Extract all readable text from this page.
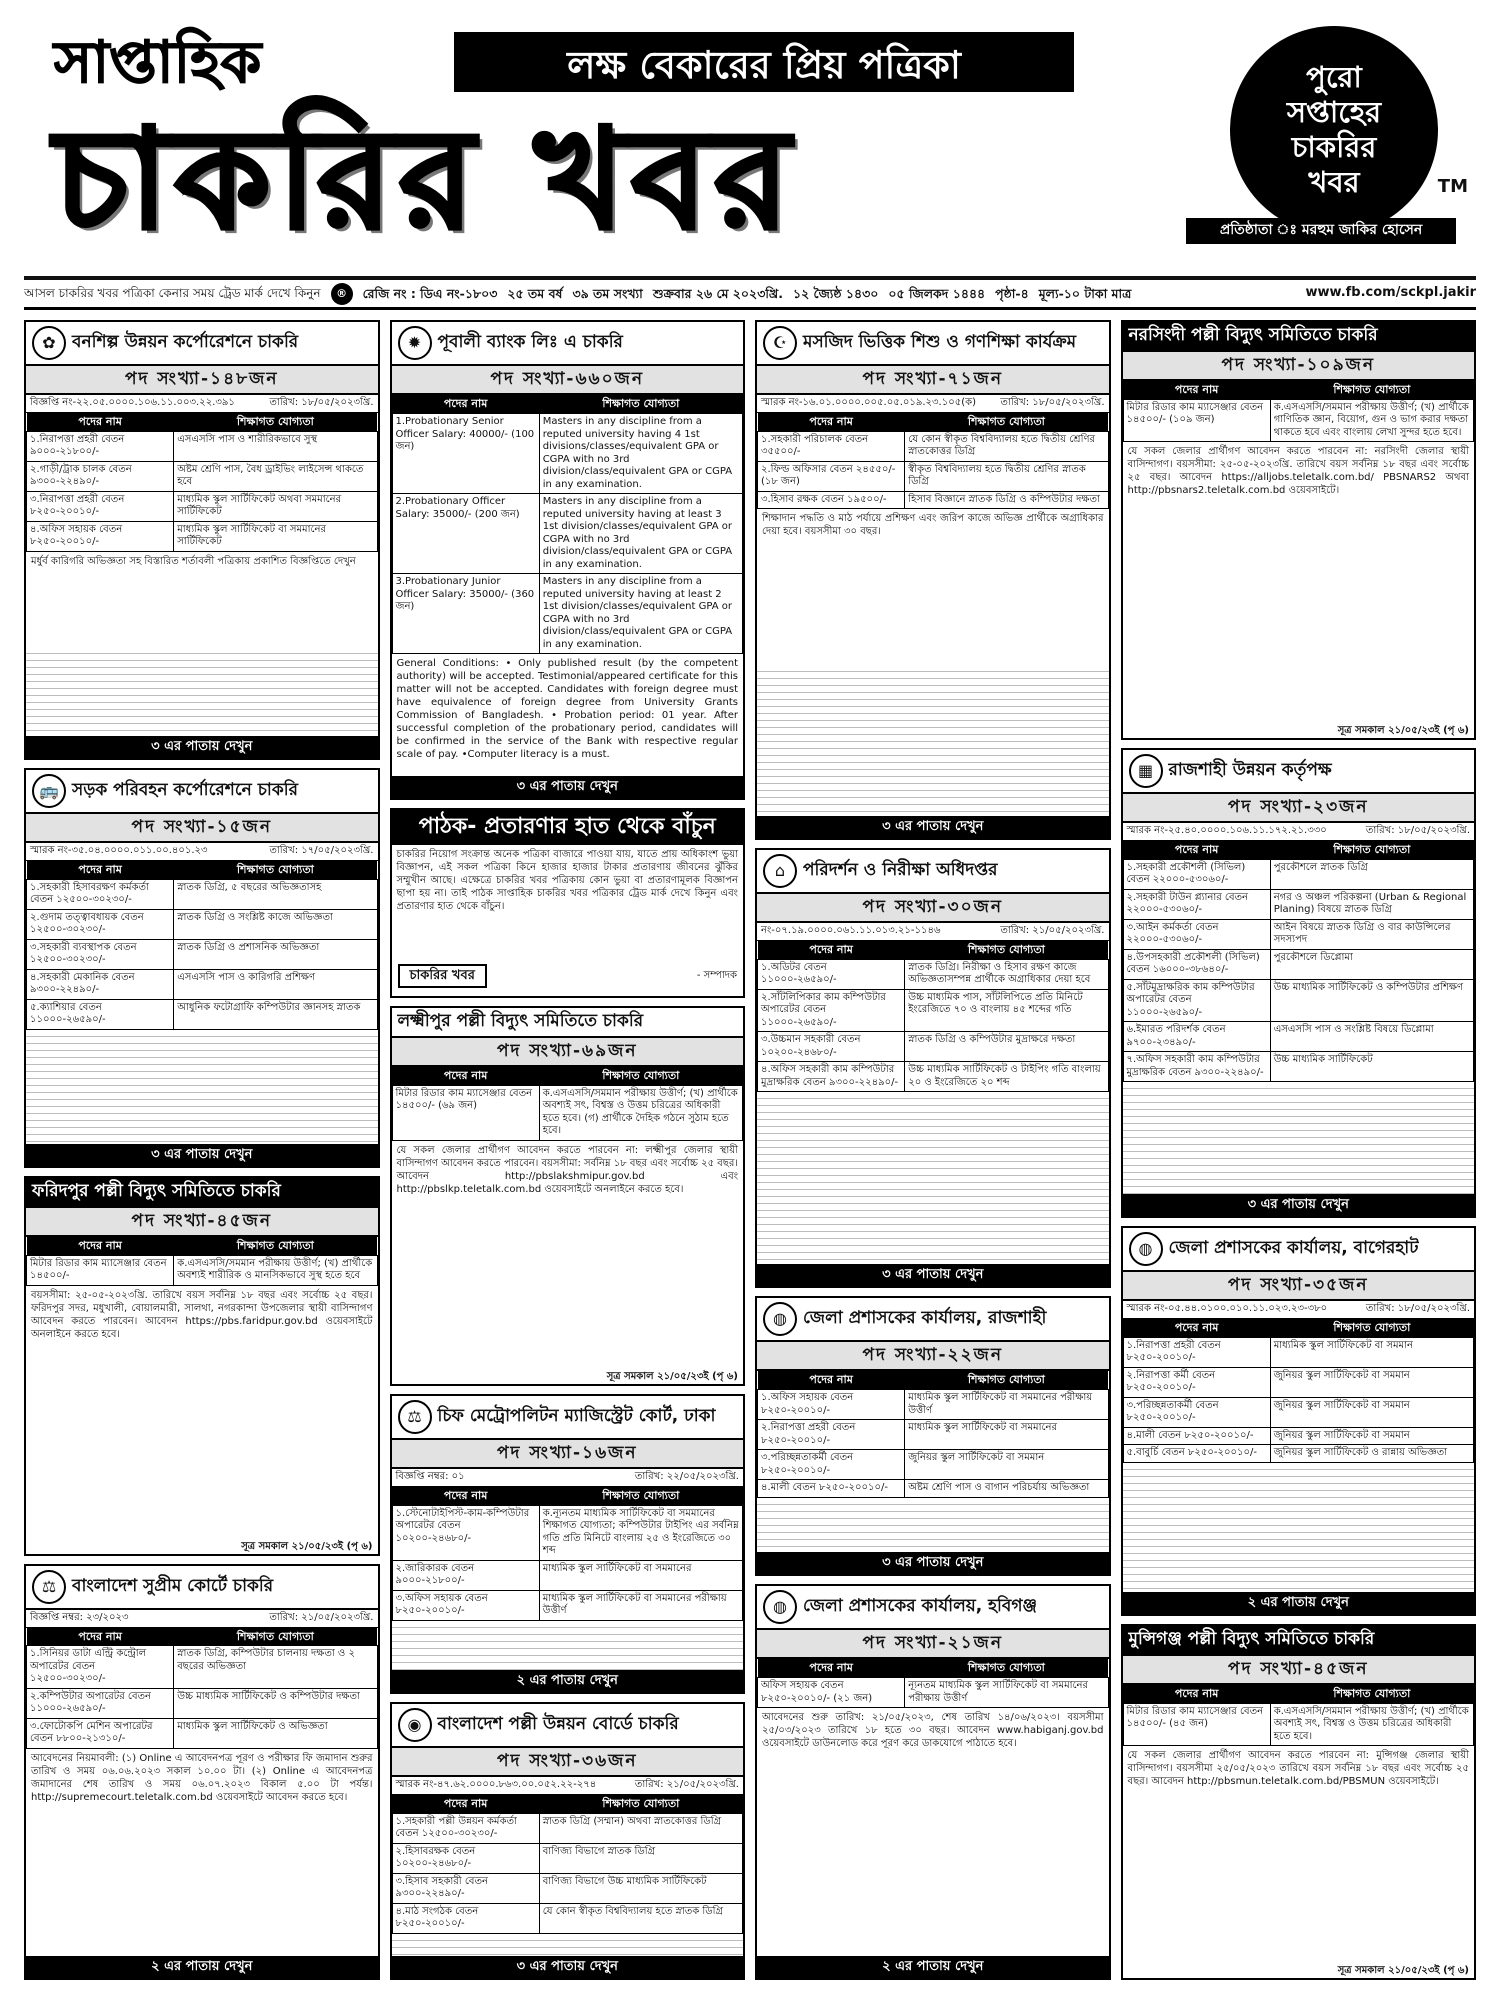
সাপ্তাহিক	লক্ষ বেকারের প্রিয় পত্রিকা
চাকরির খবর
পুরো
সপ্তাহের
চাকরির
খবর	TM
প্রতিষ্ঠাতা ঃ মরহুম জাকির হোসেন
আসল চাকরির খবর পত্রিকা কেনার সময় ট্রেড মার্ক দেখে কিনুন	®	রেজি নং : ডিএ নং-১৮০৩ ২৫ তম বর্ষ ৩৯ তম সংখ্যা শুক্রবার ২৬ মে ২০২৩খ্রি. ১২ জ্যৈষ্ঠ ১৪৩০ ০৫ জিলকদ ১৪৪৪ পৃষ্ঠা-৪ মূল্য-১০ টাকা মাত্র	www.fb.com/sckpl.jakir
✿ বনশিল্প উন্নয়ন কর্পোরেশনে চাকরি
পদ সংখ্যা-১৪৮জন
বিজ্ঞপ্তি নং-২২.০৫.০০০০.১০৬.১১.০০৩.২২.৩৯১	তারিখ: ১৮/০৫/২০২৩খ্রি.
পদের নাম	শিক্ষাগত যোগ্যতা
১.নিরাপত্তা প্রহরী বেতন ৯০০০-২১৮০০/-	এসএসসি পাস ও শারীরিকভাবে সুস্থ
২.গাড়ী/ট্রাক চালক বেতন ৯৩০০-২২৪৯০/-	অষ্টম শ্রেণি পাস, বৈধ ড্রাইভিং লাইসেন্স থাকতে হবে
৩.নিরাপত্তা প্রহরী বেতন ৮২৫০-২০০১০/-	মাধ্যমিক স্কুল সার্টিফিকেট অথবা সমমানের সার্টিফিকেট
৪.অফিস সহায়ক বেতন ৮২৫০-২০০১০/-	মাধ্যমিক স্কুল সার্টিফিকেট বা সমমানের সার্টিফিকেট
মর্ধুর্ব কারিগরি অভিজ্ঞতা সহ বিস্তারিত শর্তাবলী পত্রিকায় প্রকাশিত বিজ্ঞপ্তিতে দেখুন
৩ এর পাতায় দেখুন
🚌 সড়ক পরিবহন কর্পোরেশনে চাকরি
পদ সংখ্যা-১৫জন
স্মারক নং-৩৫.০৪.০০০০.০১১.০০.৪০১.২৩	তারিখ: ১৭/০৫/২০২৩খ্রি.
পদের নাম	শিক্ষাগত যোগ্যতা
১.সহকারী হিসাবরক্ষণ কর্মকর্তা বেতন ১২৫০০-৩০২৩০/-	স্নাতক ডিগ্রি, ৫ বছরের অভিজ্ঞতাসহ
২.গুদাম তত্ত্বাবধায়ক বেতন ১২৫০০-৩০২৩০/-	স্নাতক ডিগ্রি ও সংশ্লিষ্ট কাজে অভিজ্ঞতা
৩.সহকারী ব্যবস্থাপক বেতন ১২৫০০-৩০২৩০/-	স্নাতক ডিগ্রি ও প্রশাসনিক অভিজ্ঞতা
৪.সহকারী মেকানিক বেতন ৯৩০০-২২৪৯০/-	এসএসসি পাস ও কারিগরি প্রশিক্ষণ
৫.ক্যাশিয়ার বেতন ১১০০০-২৬৫৯০/-	আধুনিক ফটোগ্রাফি কম্পিউটার জ্ঞানসহ স্নাতক
৩ এর পাতায় দেখুন
ফরিদপুর পল্লী বিদ্যুৎ সমিতিতে চাকরি
পদ সংখ্যা-৪৫জন
পদের নাম	শিক্ষাগত যোগ্যতা
মিটার রিডার কাম ম্যাসেঞ্জার বেতন ১৪৫০০/-	ক.এসএসসি/সমমান পরীক্ষায় উত্তীর্ণ; (খ) প্রার্থীকে অবশ্যই শারীরিক ও মানসিকভাবে সুস্থ হতে হবে
বয়সসীমা: ২৫-০৫-২০২৩খ্রি. তারিখে বয়স সর্বনিম্ন ১৮ বছর এবং সর্বোচ্চ ২৫ বছর। ফরিদপুর সদর, মধুখালী, বোয়ালমারী, সালথা, নগরকান্দা উপজেলার স্থায়ী বাসিন্দাগণ আবেদন করতে পারবেন। আবেদন https://pbs.faridpur.gov.bd ওয়েবসাইটে অনলাইনে করতে হবে।
সূত্র সমকাল ২১/০৫/২৩ই (পৃ ৬)
⚖ বাংলাদেশ সুপ্রীম কোর্টে চাকরি
বিজ্ঞপ্তি নম্বর: ২৩/২০২৩	তারিখ: ২১/০৫/২০২৩খ্রি.
পদের নাম	শিক্ষাগত যোগ্যতা
১.সিনিয়র ডাটা এন্ট্রি কন্ট্রোল অপারেটর বেতন ১২৫০০-৩০২৩০/-	স্নাতক ডিগ্রি, কম্পিউটার চালনায় দক্ষতা ও ২ বছরের অভিজ্ঞতা
২.কম্পিউটার অপারেটর বেতন ১১০০০-২৬৫৯০/-	উচ্চ মাধ্যমিক সার্টিফিকেট ও কম্পিউটার দক্ষতা
৩.ফোটোকপি মেশিন অপারেটর বেতন ৮৮০০-২১৩১০/-	মাধ্যমিক স্কুল সার্টিফিকেট ও অভিজ্ঞতা
আবেদনের নিয়মাবলী: (১) Online এ আবেদনপত্র পূরণ ও পরীক্ষার ফি জমাদান শুরুর তারিখ ও সময় ০৬.০৬.২০২৩ সকাল ১০.০০ টা। (২) Online এ আবেদনপত্র জমাদানের শেষ তারিখ ও সময় ০৬.০৭.২০২৩ বিকাল ৫.০০ টা পর্যন্ত। http://supremecourt.teletalk.com.bd ওয়েবসাইটে আবেদন করতে হবে।
২ এর পাতায় দেখুন
✹ পূবালী ব্যাংক লিঃ এ চাকরি
পদ সংখ্যা-৬৬০জন
পদের নাম	শিক্ষাগত যোগ্যতা
1.Probationary Senior Officer Salary: 40000/- (100 জন)	Masters in any discipline from a reputed university having 4 1st divisions/classes/equivalent GPA or CGPA with no 3rd division/class/equivalent GPA or CGPA in any examination.
2.Probationary Officer Salary: 35000/- (200 জন)	Masters in any discipline from a reputed university having at least 3 1st division/classes/equivalent GPA or CGPA with no 3rd division/class/equivalent GPA or CGPA in any examination.
3.Probationary Junior Officer Salary: 35000/- (360 জন)	Masters in any discipline from a reputed university having at least 2 1st division/classes/equivalent GPA or CGPA with no 3rd division/class/equivalent GPA or CGPA in any examination.
General Conditions: • Only published result (by the competent authority) will be accepted. Testimonial/appeared certificate for this matter will not be accepted. Candidates with foreign degree must have equivalence of foreign degree from University Grants Commission of Bangladesh. • Probation period: 01 year. After successful completion of the probationary period, candidates will be confirmed in the service of the Bank with respective regular scale of pay. •Computer literacy is a must.
৩ এর পাতায় দেখুন
পাঠক- প্রতারণার হাত থেকে বাঁচুন
চাকরির নিয়োগ সংক্রান্ত অনেক পত্রিকা বাজারে পাওয়া যায়, যাতে প্রায় অধিকাংশ ভুয়া বিজ্ঞাপন, এই সকল পত্রিকা কিনে হাজার হাজার টাকার প্রতারণায় জীবনের ঝুঁকির সম্মুখীন আছে। এক্ষেত্রে চাকরির খবর পত্রিকায় কোন ভুয়া বা প্রতারণামূলক বিজ্ঞাপন ছাপা হয় না। তাই পাঠক সাপ্তাহিক চাকরির খবর পত্রিকার ট্রেড মার্ক দেখে কিনুন এবং প্রতারণার হাত থেকে বাঁচুন।
চাকরির খবর	- সম্পাদক
লক্ষ্মীপুর পল্লী বিদ্যুৎ সমিতিতে চাকরি
পদ সংখ্যা-৬৯জন
পদের নাম	শিক্ষাগত যোগ্যতা
মিটার রিডার কাম ম্যাসেঞ্জার বেতন ১৪৫০০/- (৬৯ জন)	ক.এসএসসি/সমমান পরীক্ষায় উত্তীর্ণ; (খ) প্রার্থীকে অবশ্যই সৎ, বিশ্বস্ত ও উত্তম চরিত্রের অধিকারী হতে হবে। (গ) প্রার্থীকে দৈহিক গঠনে সুঠাম হতে হবে।
যে সকল জেলার প্রার্থীগণ আবেদন করতে পারবেন না: লক্ষ্মীপুর জেলার স্থায়ী বাসিন্দাগণ আবেদন করতে পারবেন। বয়সসীমা: সর্বনিম্ন ১৮ বছর এবং সর্বোচ্চ ২৫ বছর। আবেদন http://pbslakshmipur.gov.bd এবং http://pbslkp.teletalk.com.bd ওয়েবসাইটে অনলাইনে করতে হবে।
সূত্র সমকাল ২১/০৫/২৩ই (পৃ ৬)
⚖ চিফ মেট্রোপলিটন ম্যাজিস্ট্রেট কোর্ট, ঢাকা
পদ সংখ্যা-১৬জন
বিজ্ঞপ্তি নম্বর: ০১	তারিখ: ২২/০৫/২০২৩খ্রি.
পদের নাম	শিক্ষাগত যোগ্যতা
১.স্টেনোটাইপিস্ট-কাম-কম্পিউটার অপারেটর বেতন ১০২০০-২৪৬৮০/-	ক.ন্যূনতম মাধ্যমিক সার্টিফিকেট বা সমমানের শিক্ষাগত যোগ্যতা; কম্পিউটার টাইপিং এর সর্বনিম্ন গতি প্রতি মিনিটে বাংলায় ২৫ ও ইংরেজিতে ৩০ শব্দ
২.জারিকারক বেতন ৯০০০-২১৮০০/-	মাধ্যমিক স্কুল সার্টিফিকেট বা সমমানের
৩.অফিস সহায়ক বেতন ৮২৫০-২০০১০/-	মাধ্যমিক স্কুল সার্টিফিকেট বা সমমানের পরীক্ষায় উত্তীর্ণ
২ এর পাতায় দেখুন
◉ বাংলাদেশ পল্লী উন্নয়ন বোর্ডে চাকরি
পদ সংখ্যা-৩৬জন
স্মারক নং-৪৭.৬২.০০০০.৮৬৩.০০.০৫২.২২-২৭৪	তারিখ: ২১/০৫/২০২৩খ্রি.
পদের নাম	শিক্ষাগত যোগ্যতা
১.সহকারী পল্লী উন্নয়ন কর্মকর্তা বেতন ১২৫০০-৩০২৩০/-	স্নাতক ডিগ্রি (সম্মান) অথবা স্নাতকোত্তর ডিগ্রি
২.হিসাবরক্ষক বেতন ১০২০০-২৪৬৮০/-	বাণিজ্য বিভাগে স্নাতক ডিগ্রি
৩.হিসাব সহকারী বেতন ৯৩০০-২২৪৯০/-	বাণিজ্য বিভাগে উচ্চ মাধ্যমিক সার্টিফিকেট
৪.মাঠ সংগঠক বেতন ৮২৫০-২০০১০/-	যে কোন স্বীকৃত বিশ্ববিদ্যালয় হতে স্নাতক ডিগ্রি
৩ এর পাতায় দেখুন
☪ মসজিদ ভিত্তিক শিশু ও গণশিক্ষা কার্যক্রম
পদ সংখ্যা-৭১জন
স্মারক নং-১৬.০১.০০০০.০০৫.০৫.০১৯.২৩.১০৫(ক) তারিখ: ১৮/০৫/২০২৩খ্রি.
পদের নাম	শিক্ষাগত যোগ্যতা
১.সহকারী পরিচালক বেতন ৩৫৫০০/-	যে কোন স্বীকৃত বিশ্ববিদ্যালয় হতে দ্বিতীয় শ্রেণির স্নাতকোত্তর ডিগ্রি
২.ফিল্ড অফিসার বেতন ২৪৫৫০/- (১৮ জন)	স্বীকৃত বিশ্ববিদ্যালয় হতে দ্বিতীয় শ্রেণির স্নাতক ডিগ্রি
৩.হিসাব রক্ষক বেতন ১৯৫০০/-	হিসাব বিজ্ঞানে স্নাতক ডিগ্রি ও কম্পিউটার দক্ষতা
শিক্ষাদান পদ্ধতি ও মাঠ পর্যায়ে প্রশিক্ষণ এবং জরিপ কাজে অভিজ্ঞ প্রার্থীকে অগ্রাধিকার দেয়া হবে। বয়সসীমা ৩০ বছর।
৩ এর পাতায় দেখুন
⌂	পরিদর্শন ও নিরীক্ষা অধিদপ্তর
পদ সংখ্যা-৩০জন
নং-০৭.১৯.০০০০.০৬১.১১.০১৩.২১-১১৪৬	তারিখ: ২১/০৫/২০২৩খ্রি.
পদের নাম	শিক্ষাগত যোগ্যতা
১.অডিটর বেতন ১১০০০-২৬৫৯০/-	স্নাতক ডিগ্রি। নিরীক্ষা ও হিসাব রক্ষণ কাজে অভিজ্ঞতাসম্পন্ন প্রার্থীকে অগ্রাধিকার দেয়া হবে
২.সাঁটলিপিকার কাম কম্পিউটার অপারেটর বেতন ১১০০০-২৬৫৯০/-	উচ্চ মাধ্যমিক পাস, সাঁটলিপিতে প্রতি মিনিটে ইংরেজিতে ৭০ ও বাংলায় ৪৫ শব্দের গতি
৩.উচ্চমান সহকারী বেতন ১০২০০-২৪৬৮০/-	স্নাতক ডিগ্রি ও কম্পিউটার মুদ্রাক্ষরে দক্ষতা
৪.অফিস সহকারী কাম কম্পিউটার মুদ্রাক্ষরিক বেতন ৯৩০০-২২৪৯০/-	উচ্চ মাধ্যমিক সার্টিফিকেট ও টাইপিং গতি বাংলায় ২০ ও ইংরেজিতে ২০ শব্দ
৩ এর পাতায় দেখুন
◍ জেলা প্রশাসকের কার্যালয়, রাজশাহী
পদ সংখ্যা-২২জন
পদের নাম	শিক্ষাগত যোগ্যতা
১.অফিস সহায়ক বেতন ৮২৫০-২০০১০/-	মাধ্যমিক স্কুল সার্টিফিকেট বা সমমানের পরীক্ষায় উত্তীর্ণ
২.নিরাপত্তা প্রহরী বেতন ৮২৫০-২০০১০/-	মাধ্যমিক স্কুল সার্টিফিকেট বা সমমানের
৩.পরিচ্ছন্নতাকর্মী বেতন ৮২৫০-২০০১০/-	জুনিয়র স্কুল সার্টিফিকেট বা সমমান
৪.মালী বেতন ৮২৫০-২০০১০/-	অষ্টম শ্রেণি পাস ও বাগান পরিচর্যায় অভিজ্ঞতা
৩ এর পাতায় দেখুন
◍ জেলা প্রশাসকের কার্যালয়, হবিগঞ্জ
পদ সংখ্যা-২১জন
পদের নাম	শিক্ষাগত যোগ্যতা
অফিস সহায়ক বেতন ৮২৫০-২০০১০/- (২১ জন)	ন্যূনতম মাধ্যমিক স্কুল সার্টিফিকেট বা সমমানের পরীক্ষায় উত্তীর্ণ
আবেদনের শুরু তারিখ: ২১/০৫/২০২৩, শেষ তারিখ ১৪/০৬/২০২৩। বয়সসীমা ২৫/০৩/২০২৩ তারিখে ১৮ হতে ৩০ বছর। আবেদন www.habiganj.gov.bd ওয়েবসাইটে ডাউনলোড করে পূরণ করে ডাকযোগে পাঠাতে হবে।
২ এর পাতায় দেখুন
নরসিংদী পল্লী বিদ্যুৎ সমিতিতে চাকরি
পদ সংখ্যা-১০৯জন
পদের নাম	শিক্ষাগত যোগ্যতা
মিটার রিডার কাম ম্যাসেঞ্জার বেতন ১৪৫০০/- (১০৯ জন)	ক.এসএসসি/সমমান পরীক্ষায় উত্তীর্ণ; (খ) প্রার্থীকে গাণিতিক জ্ঞান, বিয়োগ, গুন ও ভাগ করার দক্ষতা থাকতে হবে এবং বাংলায় লেখা সুন্দর হতে হবে।
যে সকল জেলার প্রার্থীগণ আবেদন করতে পারবেন না: নরসিংদী জেলার স্থায়ী বাসিন্দাগণ। বয়সসীমা: ২৫-০৫-২০২৩খ্রি. তারিখে বয়স সর্বনিম্ন ১৮ বছর এবং সর্বোচ্চ ২৫ বছর। আবেদন https://alljobs.teletalk.com.bd/ PBSNARS2 অথবা http://pbsnars2.teletalk.com.bd ওয়েবসাইটে।
সূত্র সমকাল ২১/০৫/২৩ই (পৃ ৬)
▦ রাজশাহী উন্নয়ন কর্তৃপক্ষ
পদ সংখ্যা-২৩জন
স্মারক নং-২৫.৪০.০০০০.১০৬.১১.১৭২.২১.৩৩০	তারিখ: ১৮/০৫/২০২৩খ্রি.
পদের নাম	শিক্ষাগত যোগ্যতা
১.সহকারী প্রকৌশলী (সিভিল) বেতন ২২০০০-৫৩০৬০/-	পুরকৌশলে স্নাতক ডিগ্রি
২.সহকারী টাউন প্ল্যানার বেতন ২২০০০-৫৩০৬০/-	নগর ও অঞ্চল পরিকল্পনা (Urban & Regional Planing) বিষয়ে স্নাতক ডিগ্রি
৩.আইন কর্মকর্তা বেতন ২২০০০-৫৩০৬০/-	আইন বিষয়ে স্নাতক ডিগ্রি ও বার কাউন্সিলের সদস্যপদ
৪.উপসহকারী প্রকৌশলী (সিভিল) বেতন ১৬০০০-৩৮৬৪০/-	পুরকৌশলে ডিপ্লোমা
৫.সাঁটমুদ্রাক্ষরিক কাম কম্পিউটার অপারেটর বেতন ১১০০০-২৬৫৯০/-	উচ্চ মাধ্যমিক সার্টিফিকেট ও কম্পিউটার প্রশিক্ষণ
৬.ইমারত পরিদর্শক বেতন ৯৭০০-২৩৪৯০/-	এসএসসি পাস ও সংশ্লিষ্ট বিষয়ে ডিপ্লোমা
৭.অফিস সহকারী কাম কম্পিউটার মুদ্রাক্ষরিক বেতন ৯৩০০-২২৪৯০/-	উচ্চ মাধ্যমিক সার্টিফিকেট
৩ এর পাতায় দেখুন
◍ জেলা প্রশাসকের কার্যালয়, বাগেরহাট
পদ সংখ্যা-৩৫জন
স্মারক নং-০৫.৪৪.০১০০.০১০.১১.০২৩.২৩-৩৮০	তারিখ: ১৮/০৫/২০২৩খ্রি.
পদের নাম	শিক্ষাগত যোগ্যতা
১.নিরাপত্তা প্রহরী বেতন ৮২৫০-২০০১০/-	মাধ্যমিক স্কুল সার্টিফিকেট বা সমমান
২.নিরাপত্তা কর্মী বেতন ৮২৫০-২০০১০/-	জুনিয়র স্কুল সার্টিফিকেট বা সমমান
৩.পরিচ্ছন্নতাকর্মী বেতন ৮২৫০-২০০১০/-	জুনিয়র স্কুল সার্টিফিকেট বা সমমান
৪.মালী বেতন ৮২৫০-২০০১০/-	জুনিয়র স্কুল সার্টিফিকেট বা সমমান
৫.বাবুর্চি বেতন ৮২৫০-২০০১০/-	জুনিয়র স্কুল সার্টিফিকেট ও রান্নায় অভিজ্ঞতা
২ এর পাতায় দেখুন
মুন্সিগঞ্জ পল্লী বিদ্যুৎ সমিতিতে চাকরি
পদ সংখ্যা-৪৫জন
পদের নাম	শিক্ষাগত যোগ্যতা
মিটার রিডার কাম ম্যাসেঞ্জার বেতন ১৪৫০০/- (৪৫ জন)	ক.এসএসসি/সমমান পরীক্ষায় উত্তীর্ণ; (খ) প্রার্থীকে অবশ্যই সৎ, বিশ্বস্ত ও উত্তম চরিত্রের অধিকারী হতে হবে।
যে সকল জেলার প্রার্থীগণ আবেদন করতে পারবেন না: মুন্সিগঞ্জ জেলার স্থায়ী বাসিন্দাগণ। বয়সসীমা ২৫/০৫/২০২৩ তারিখে বয়স সর্বনিম্ন ১৮ বছর এবং সর্বোচ্চ ২৫ বছর। আবেদন http://pbsmun.teletalk.com.bd/PBSMUN ওয়েবসাইটে।
সূত্র সমকাল ২১/০৫/২৩ই (পৃ ৬)
